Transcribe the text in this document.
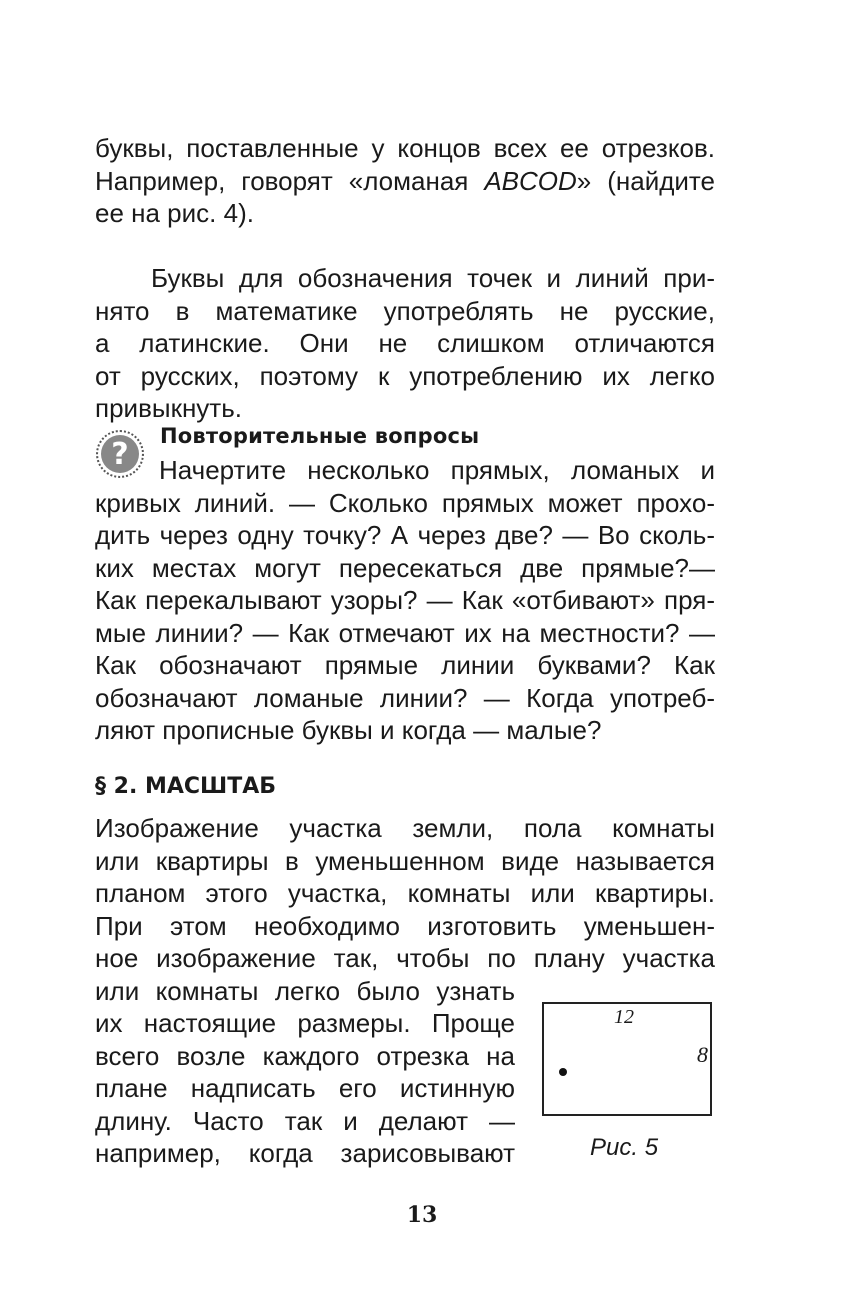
буквы, поставленные у концов всех ее отрезков.
Например, говорят «ломаная ABCOD» (найдите
ее на рис. 4).
Буквы для обозначения точек и линий при-
нято в математике употреблять не русские,
а латинские. Они не слишком отличаются
от русских, поэтому к употреблению их легко
привыкнуть.
?
Повторительные вопросы
Начертите несколько прямых, ломаных и
кривых линий. — Сколько прямых может прохо-
дить через одну точку? А через две? — Во сколь-
ких местах могут пересекаться две прямые?—
Как перекалывают узоры? — Как «отбивают» пря-
мые линии? — Как отмечают их на местности? —
Как обозначают прямые линии буквами? Как
обозначают ломаные линии? — Когда употреб-
ляют прописные буквы и когда — малые?
§ 2. МАСШТАБ
Изображение участка земли, пола комнаты
или квартиры в уменьшенном виде называется
планом этого участка, комнаты или квартиры.
При этом необходимо изготовить уменьшен-
ное изображение так, чтобы по плану участка
или комнаты легко было узнать
их настоящие размеры. Проще
всего возле каждого отрезка на
плане надписать его истинную
длину. Часто так и делают —
например, когда зарисовывают
12
8
Рис. 5
13
